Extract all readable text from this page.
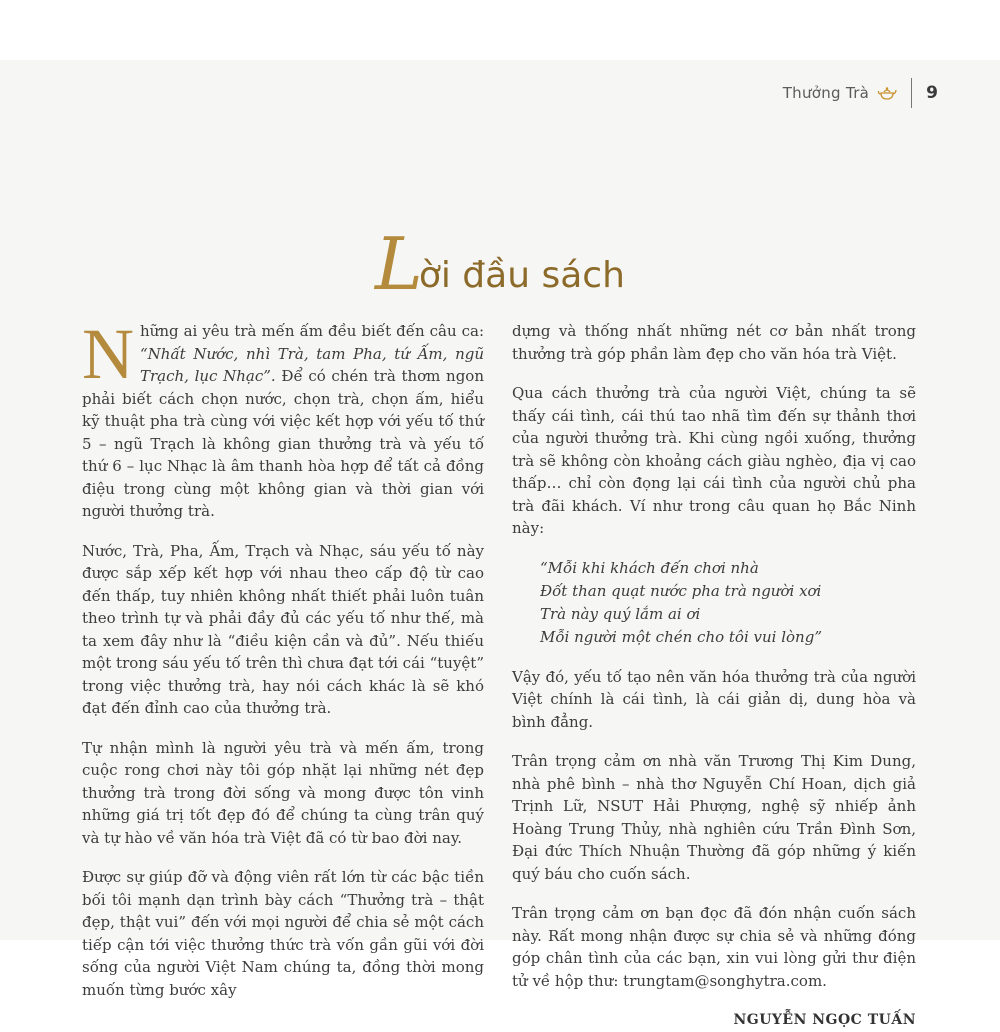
Thưởng Trà	9
L
ời đầu sách

Những ai yêu trà mến ấm đều biết đến câu ca: “Nhất Nước, nhì Trà, tam Pha, tứ Ấm, ngũ Trạch, lục Nhạc”. Để có chén trà thơm ngon phải biết cách chọn nước, chọn trà, chọn ấm, hiểu kỹ thuật pha trà cùng với việc kết hợp với yếu tố thứ 5 – ngũ Trạch là không gian thưởng trà và yếu tố thứ 6 – lục Nhạc là âm thanh hòa hợp để tất cả đồng điệu trong cùng một không gian và thời gian với người thưởng trà.

Nước, Trà, Pha, Ấm, Trạch và Nhạc, sáu yếu tố này được sắp xếp kết hợp với nhau theo cấp độ từ cao đến thấp, tuy nhiên không nhất thiết phải luôn tuân theo trình tự và phải đầy đủ các yếu tố như thế, mà ta xem đây như là “điều kiện cần và đủ”. Nếu thiếu một trong sáu yếu tố trên thì chưa đạt tới cái “tuyệt” trong việc thưởng trà, hay nói cách khác là sẽ khó đạt đến đỉnh cao của thưởng trà.

Tự nhận mình là người yêu trà và mến ấm, trong cuộc rong chơi này tôi góp nhặt lại những nét đẹp thưởng trà trong đời sống và mong được tôn vinh những giá trị tốt đẹp đó để chúng ta cùng trân quý và tự hào về văn hóa trà Việt đã có từ bao đời nay.

Được sự giúp đỡ và động viên rất lớn từ các bậc tiền bối tôi mạnh dạn trình bày cách “Thưởng trà – thật đẹp, thật vui” đến với mọi người để chia sẻ một cách tiếp cận tới việc thưởng thức trà vốn gần gũi với đời sống của người Việt Nam chúng ta, đồng thời mong muốn từng bước xây

dựng và thống nhất những nét cơ bản nhất trong thưởng trà góp phần làm đẹp cho văn hóa trà Việt.

Qua cách thưởng trà của người Việt, chúng ta sẽ thấy cái tình, cái thú tao nhã tìm đến sự thảnh thơi của người thưởng trà. Khi cùng ngồi xuống, thưởng trà sẽ không còn khoảng cách giàu nghèo, địa vị cao thấp… chỉ còn đọng lại cái tình của người chủ pha trà đãi khách. Ví như trong câu quan họ Bắc Ninh này:

“Mỗi khi khách đến chơi nhà
Đốt than quạt nước pha trà người xơi
Trà này quý lắm ai ơi
Mỗi người một chén cho tôi vui lòng”

Vậy đó, yếu tố tạo nên văn hóa thưởng trà của người Việt chính là cái tình, là cái giản dị, dung hòa và bình đẳng.

Trân trọng cảm ơn nhà văn Trương Thị Kim Dung, nhà phê bình – nhà thơ Nguyễn Chí Hoan, dịch giả Trịnh Lữ, NSUT Hải Phượng, nghệ sỹ nhiếp ảnh Hoàng Trung Thủy, nhà nghiên cứu Trần Đình Sơn, Đại đức Thích Nhuận Thường đã góp những ý kiến quý báu cho cuốn sách.

Trân trọng cảm ơn bạn đọc đã đón nhận cuốn sách này. Rất mong nhận được sự chia sẻ và những đóng góp chân tình của các bạn, xin vui lòng gửi thư điện tử về hộp thư: trungtam@songhytra.com.

NGUYỄN NGỌC TUẤN
